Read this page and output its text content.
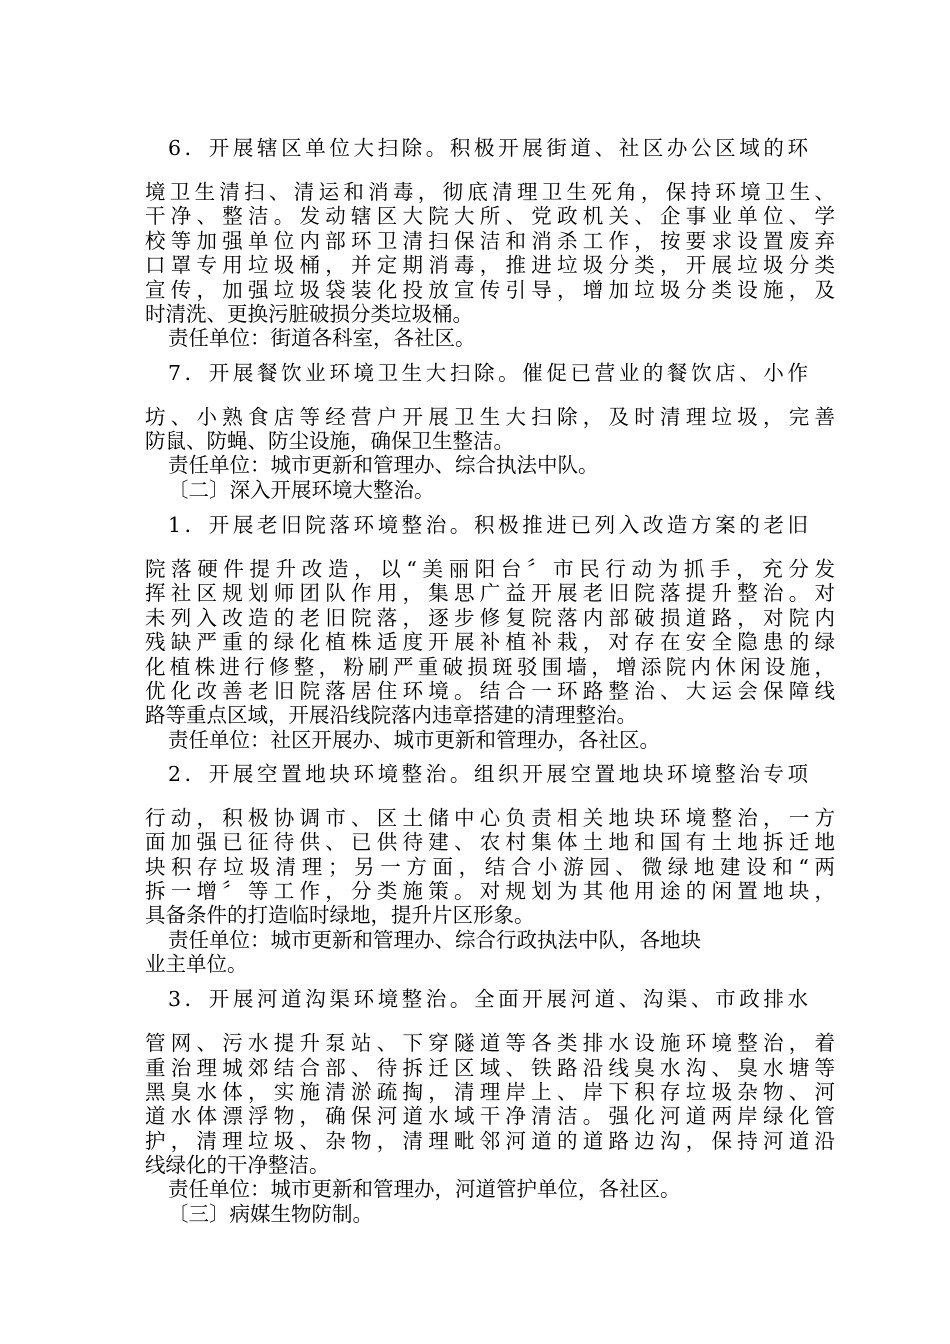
6．开展辖区单位大扫除。积极开展街道、社区办公区域的环
境卫生清扫、清运和消毒，彻底清理卫生死角，保持环境卫生、
干净、整洁。发动辖区大院大所、党政机关、企事业单位、学
校等加强单位内部环卫清扫保洁和消杀工作，按要求设置废弃
口罩专用垃圾桶，并定期消毒，推进垃圾分类，开展垃圾分类
宣传，加强垃圾袋装化投放宣传引导，增加垃圾分类设施，及
时清洗、更换污脏破损分类垃圾桶。
责任单位：街道各科室，各社区。
7．开展餐饮业环境卫生大扫除。催促已营业的餐饮店、小作
坊、小熟食店等经营户开展卫生大扫除，及时清理垃圾，完善
防鼠、防蝇、防尘设施，确保卫生整洁。
责任单位：城市更新和管理办、综合执法中队。
〔二〕深入开展环境大整治。
1．开展老旧院落环境整治。积极推进已列入改造方案的老旧
院落硬件提升改造，以“美丽阳台〞市民行动为抓手，充分发
挥社区规划师团队作用，集思广益开展老旧院落提升整治。对
未列入改造的老旧院落，逐步修复院落内部破损道路，对院内
残缺严重的绿化植株适度开展补植补栽，对存在安全隐患的绿
化植株进行修整，粉刷严重破损斑驳围墙，增添院内休闲设施，
优化改善老旧院落居住环境。结合一环路整治、大运会保障线
路等重点区域，开展沿线院落内违章搭建的清理整治。
责任单位：社区开展办、城市更新和管理办，各社区。
2．开展空置地块环境整治。组织开展空置地块环境整治专项
行动，积极协调市、区土储中心负责相关地块环境整治，一方
面加强已征待供、已供待建、农村集体土地和国有土地拆迁地
块积存垃圾清理；另一方面，结合小游园、微绿地建设和“两
拆一增〞等工作，分类施策。对规划为其他用途的闲置地块，
具备条件的打造临时绿地，提升片区形象。
责任单位：城市更新和管理办、综合行政执法中队，各地块
业主单位。
3．开展河道沟渠环境整治。全面开展河道、沟渠、市政排水
管网、污水提升泵站、下穿隧道等各类排水设施环境整治，着
重治理城郊结合部、待拆迁区域、铁路沿线臭水沟、臭水塘等
黑臭水体，实施清淤疏掏，清理岸上、岸下积存垃圾杂物、河
道水体漂浮物，确保河道水域干净清洁。强化河道两岸绿化管
护，清理垃圾、杂物，清理毗邻河道的道路边沟，保持河道沿
线绿化的干净整洁。
责任单位：城市更新和管理办，河道管护单位，各社区。
〔三〕病媒生物防制。
